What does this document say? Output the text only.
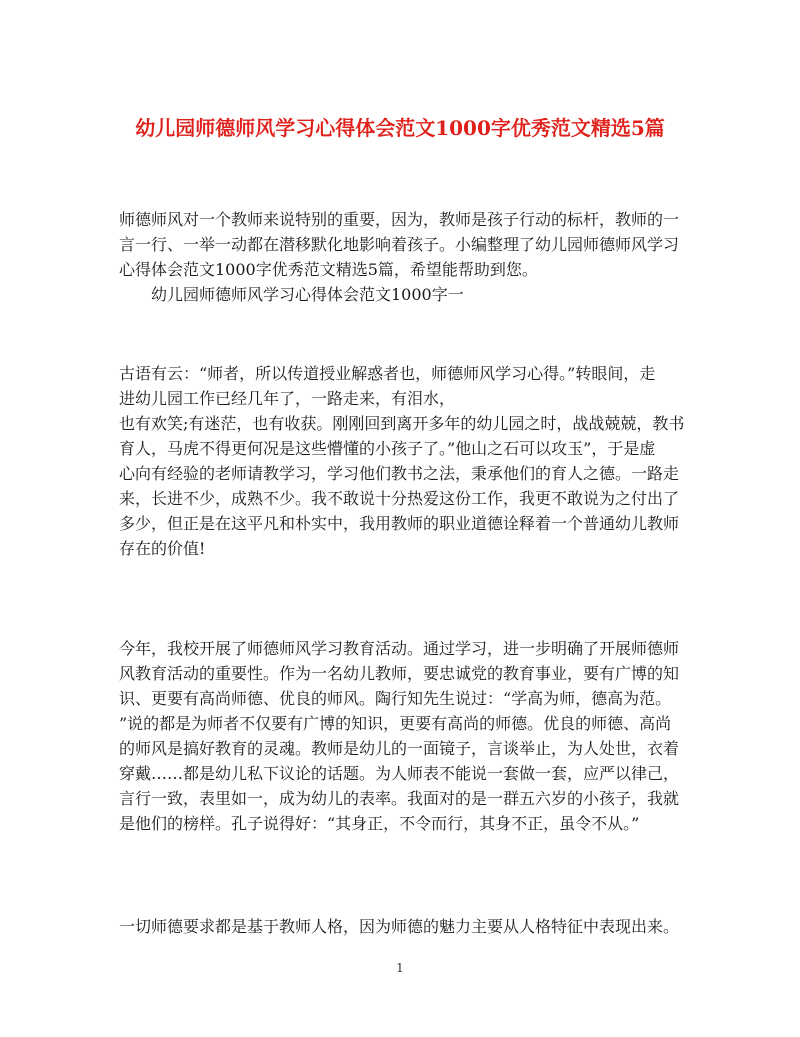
幼儿园师德师风学习心得体会范文1000字优秀范文精选5篇
师德师风对一个教师来说特别的重要，因为，教师是孩子行动的标杆，教师的一
言一行、一举一动都在潜移默化地影响着孩子。小编整理了幼儿园师德师风学习
心得体会范文1000字优秀范文精选5篇，希望能帮助到您。
幼儿园师德师风学习心得体会范文1000字一
古语有云：“师者，所以传道授业解惑者也，师德师风学习心得。”转眼间，走
进幼儿园工作已经几年了，一路走来，有泪水，
也有欢笑;有迷茫，也有收获。刚刚回到离开多年的幼儿园之时，战战兢兢，教书
育人，马虎不得更何况是这些懵懂的小孩子了。”他山之石可以攻玉”，于是虚
心向有经验的老师请教学习，学习他们教书之法，秉承他们的育人之德。一路走
来，长进不少，成熟不少。我不敢说十分热爱这份工作，我更不敢说为之付出了
多少，但正是在这平凡和朴实中，我用教师的职业道德诠释着一个普通幼儿教师
存在的价值!
今年，我校开展了师德师风学习教育活动。通过学习，进一步明确了开展师德师
风教育活动的重要性。作为一名幼儿教师，要忠诚党的教育事业，要有广博的知
识、更要有高尚师德、优良的师风。陶行知先生说过：“学高为师，德高为范。
”说的都是为师者不仅要有广博的知识，更要有高尚的师德。优良的师德、高尚
的师风是搞好教育的灵魂。教师是幼儿的一面镜子，言谈举止，为人处世，衣着
穿戴……都是幼儿私下议论的话题。为人师表不能说一套做一套，应严以律己，
言行一致，表里如一，成为幼儿的表率。我面对的是一群五六岁的小孩子，我就
是他们的榜样。孔子说得好：“其身正，不令而行，其身不正，虽令不从。”
一切师德要求都是基于教师人格，因为师德的魅力主要从人格特征中表现出来。
1
